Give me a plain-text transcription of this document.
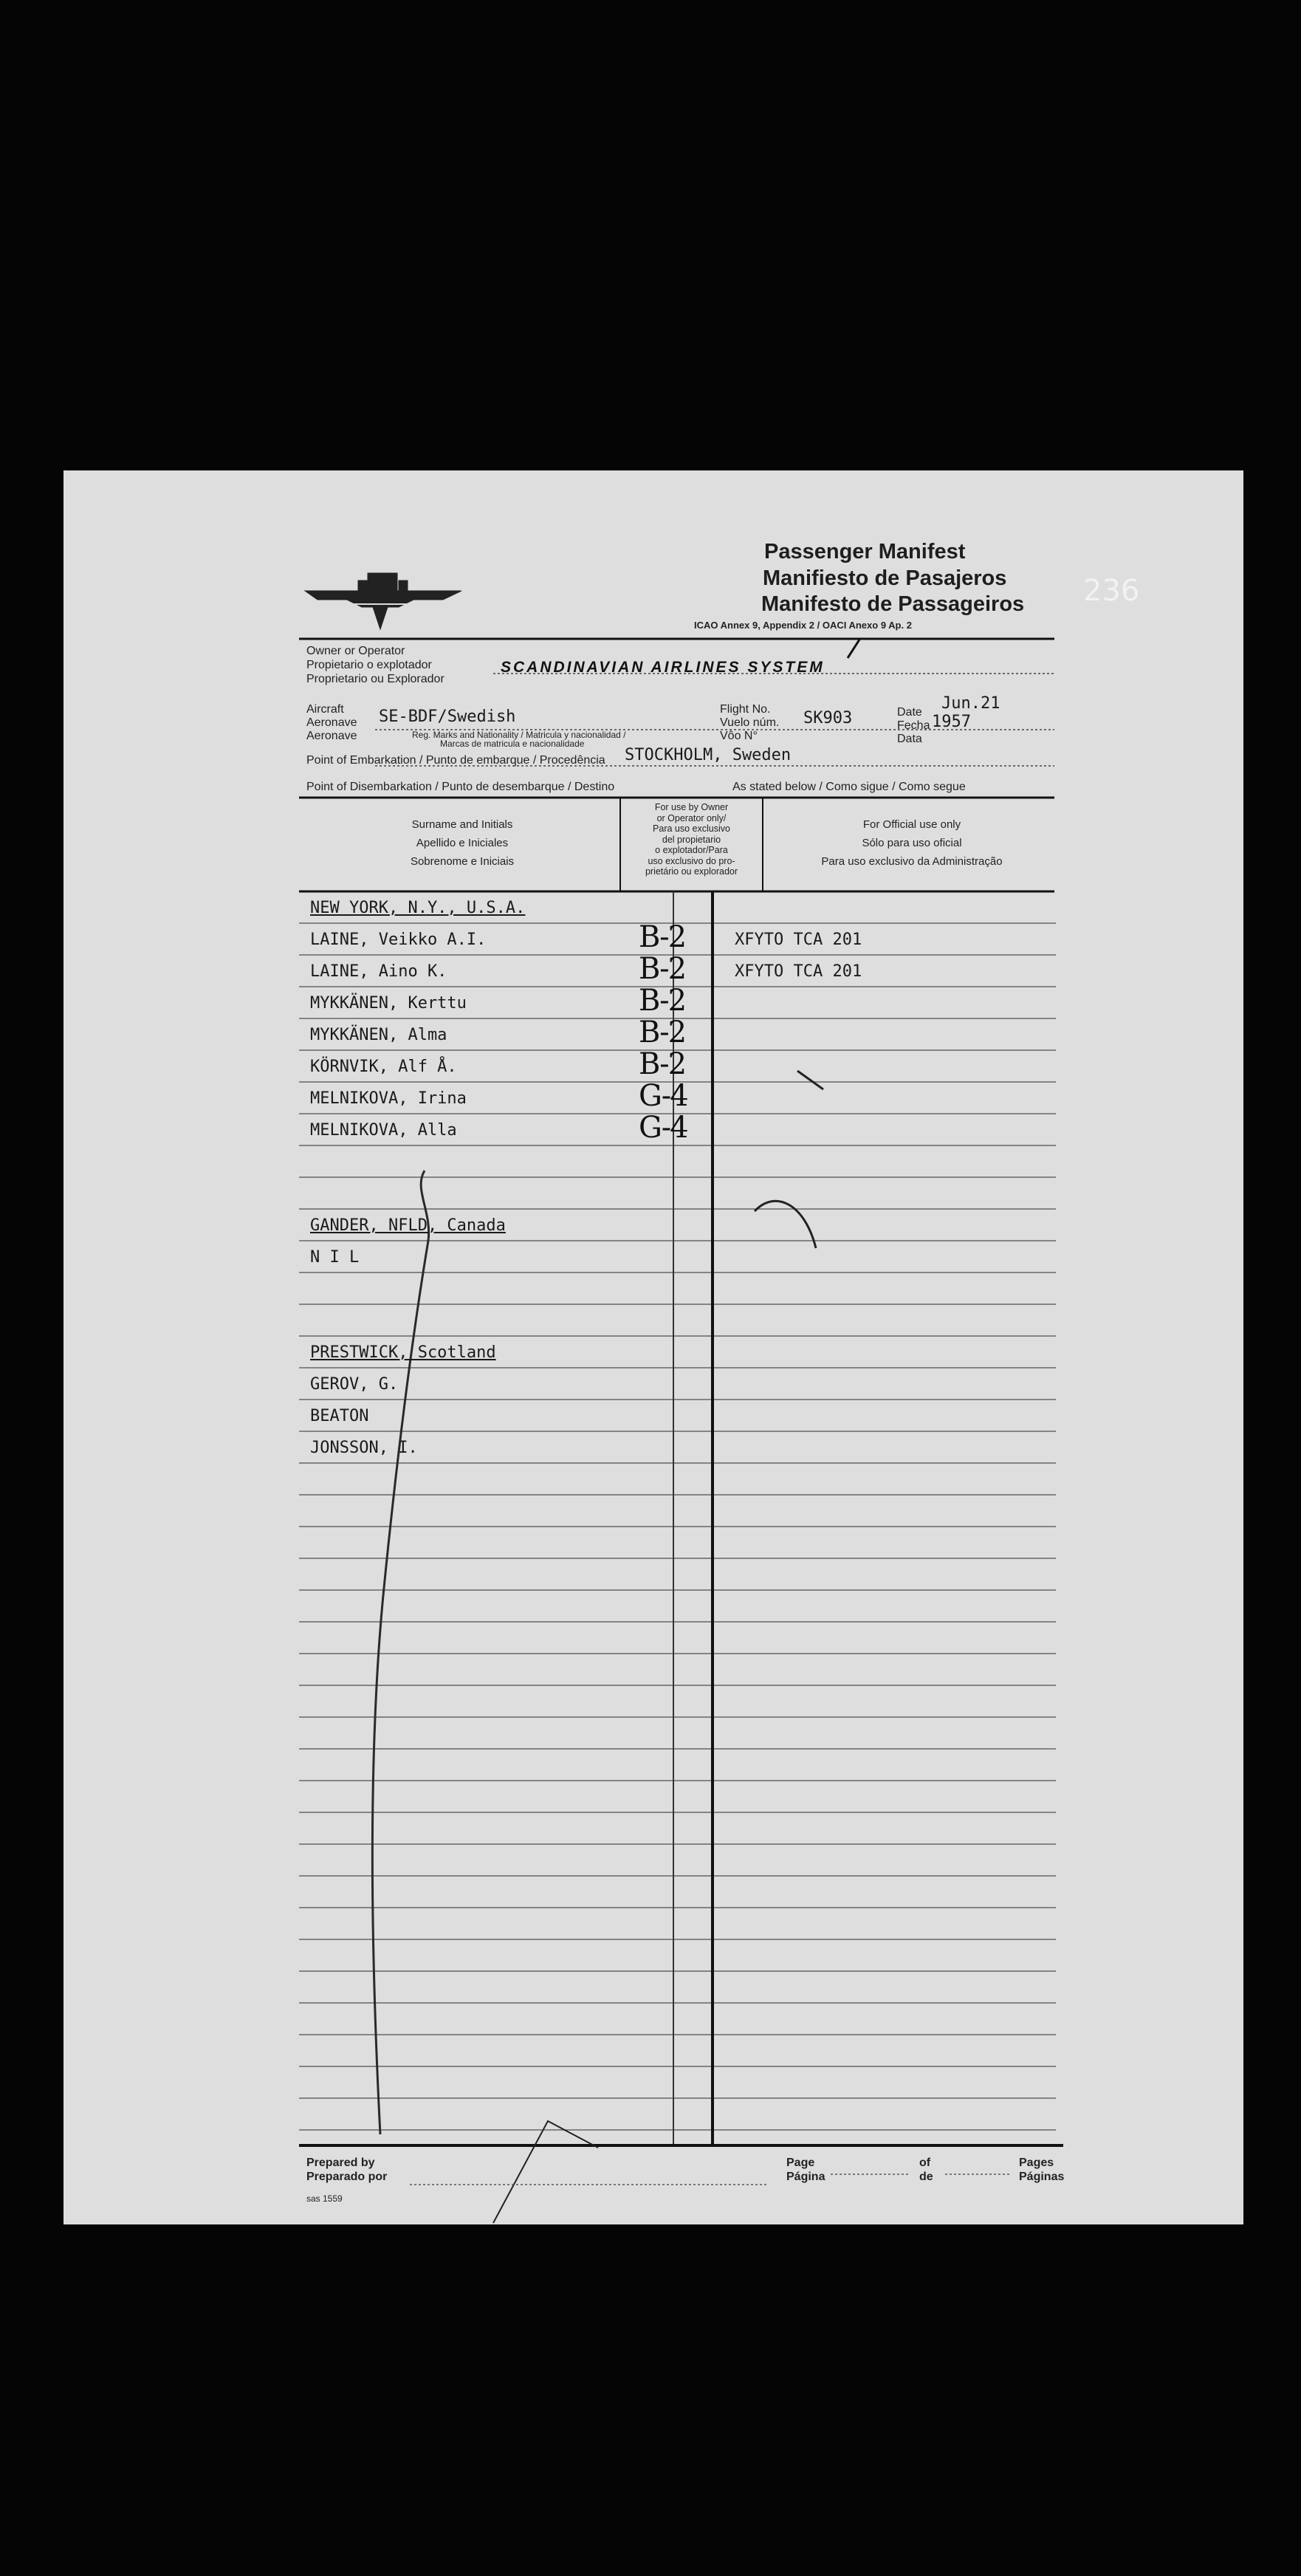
236
Passenger Manifest
Manifiesto de Pasajeros
Manifesto de Passageiros
ICAO Annex 9, Appendix 2 / OACI Anexo 9 Ap. 2
Owner or Operator
Propietario o explotador
Proprietario ou Explorador
SCANDINAVIAN AIRLINES SYSTEM
Aircraft
Aeronave
Aeronave
SE-BDF/Swedish
Reg. Marks and Nationality / Matricula y nacionalidad /
Marcas de matricula e nacionalidade
Flight No.
Vuelo núm.
Vôo N°
SK903	Date
Fecha
Data
Jun.21
1957
Point of Embarkation / Punto de embarque / Procedência STOCKHOLM, Sweden
Point of Disembarkation / Punto de desembarque / Destino	As stated below / Como sigue / Como segue
Surname and Initials
Apellido e Iniciales
Sobrenome e Iniciais
For use by Owner
or Operator only/
Para uso exclusivo
del propietario
o explotador/Para
uso exclusivo do pro-
prietário ou explorador
For Official use only
Sólo para uso oficial
Para uso exclusivo da Administração
NEW YORK, N.Y., U.S.A.
LAINE, Veikko A.I.	B-2	XFYTO TCA 201
LAINE, Aino K.	B-2	XFYTO TCA 201
MYKKÄNEN, Kerttu	B-2
MYKKÄNEN, Alma	B-2
KÖRNVIK, Alf Å.	B-2
MELNIKOVA, Irina	G-4
MELNIKOVA, Alla	G-4
GANDER, NFLD, Canada
N I L
PRESTWICK, Scotland
GEROV, G.
BEATON
JONSSON, I.
Prepared by
Preparado por
sas 1559
Page
Página
of
de
Pages
Páginas
